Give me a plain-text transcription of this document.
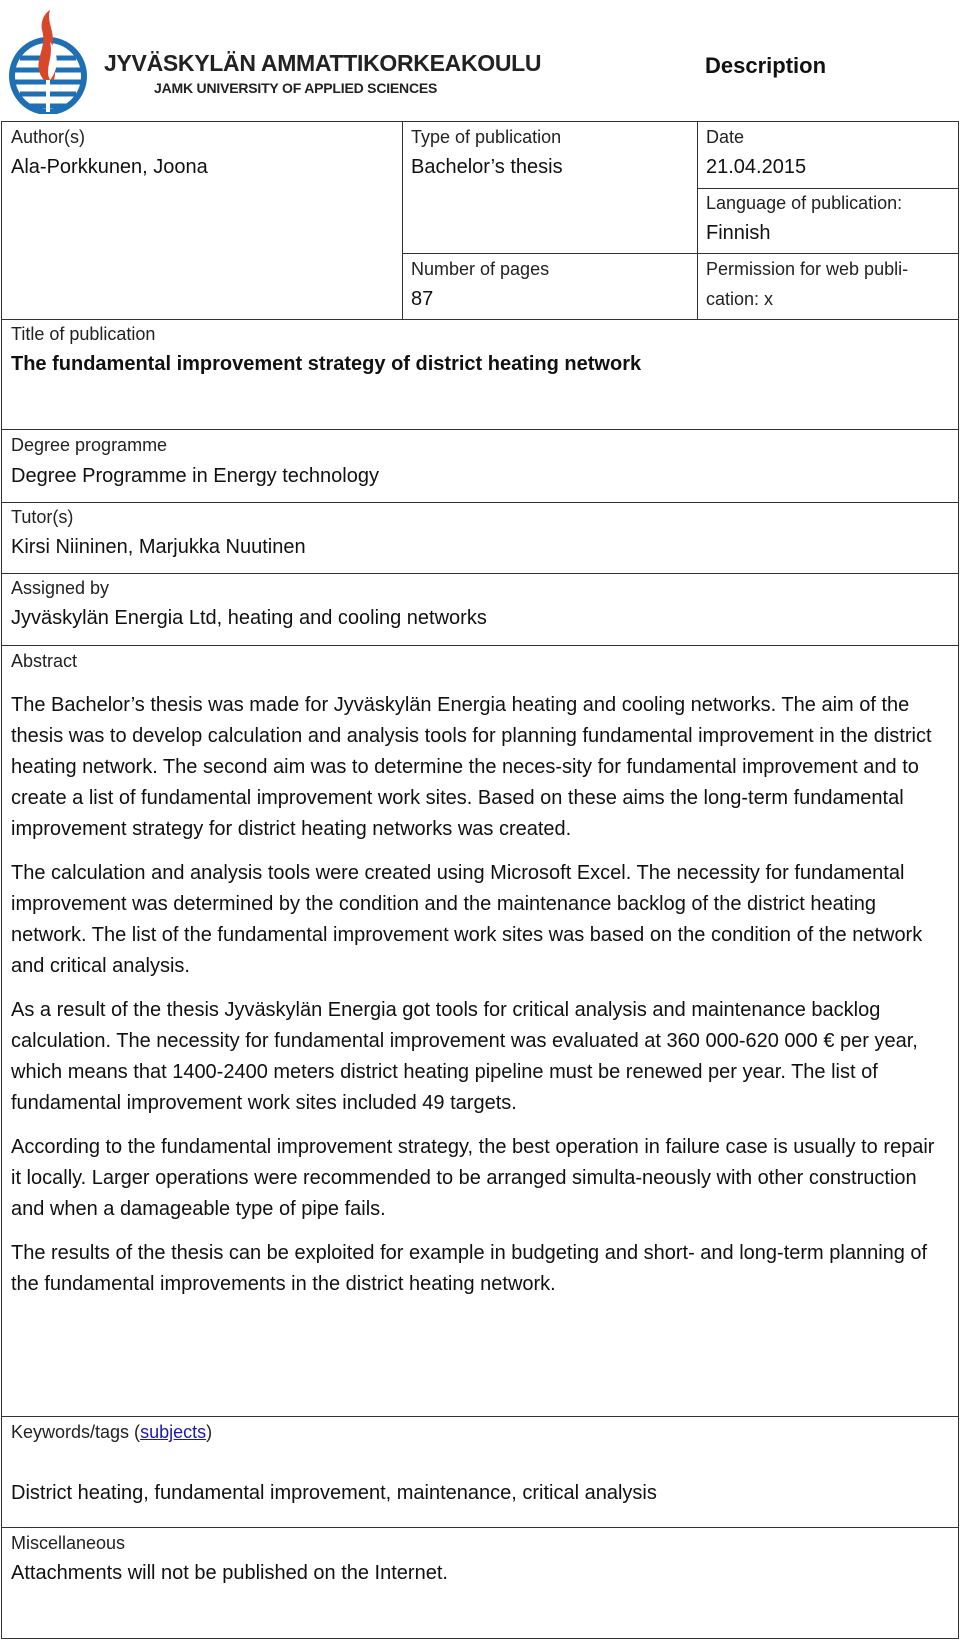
JYVÄSKYLÄN AMMATTIKORKEAKOULU
JAMK UNIVERSITY OF APPLIED SCIENCES
Description
Author(s)
Ala-Porkkunen, Joona
Type of publication
Bachelor’s thesis
Date
21.04.2015
Language of publication:
Finnish
Number of pages
87
Permission for web publi-
cation: x
Title of publication
The fundamental improvement strategy of district heating network
Degree programme
Degree Programme in Energy technology
Tutor(s)
Kirsi Niininen, Marjukka Nuutinen
Assigned by
Jyväskylän Energia Ltd, heating and cooling networks
Abstract

The Bachelor’s thesis was made for Jyväskylän Energia heating and cooling networks. The aim of the thesis was to develop calculation and analysis tools for planning fundamental improvement in the district heating network. The second aim was to determine the neces-sity for fundamental improvement and to create a list of fundamental improvement work sites. Based on these aims the long-term fundamental improvement strategy for district heating networks was created.

The calculation and analysis tools were created using Microsoft Excel. The necessity for fundamental improvement was determined by the condition and the maintenance backlog of the district heating network. The list of the fundamental improvement work sites was based on the condition of the network and critical analysis.

As a result of the thesis Jyväskylän Energia got tools for critical analysis and maintenance backlog calculation. The necessity for fundamental improvement was evaluated at 360 000-620 000 € per year, which means that 1400-2400 meters district heating pipeline must be renewed per year. The list of fundamental improvement work sites included 49 targets.

According to the fundamental improvement strategy, the best operation in failure case is usually to repair it locally. Larger operations were recommended to be arranged simulta-neously with other construction and when a damageable type of pipe fails.

The results of the thesis can be exploited for example in budgeting and short- and long-term planning of the fundamental improvements in the district heating network.

Keywords/tags (subjects)
District heating, fundamental improvement, maintenance, critical analysis
Miscellaneous
Attachments will not be published on the Internet.
